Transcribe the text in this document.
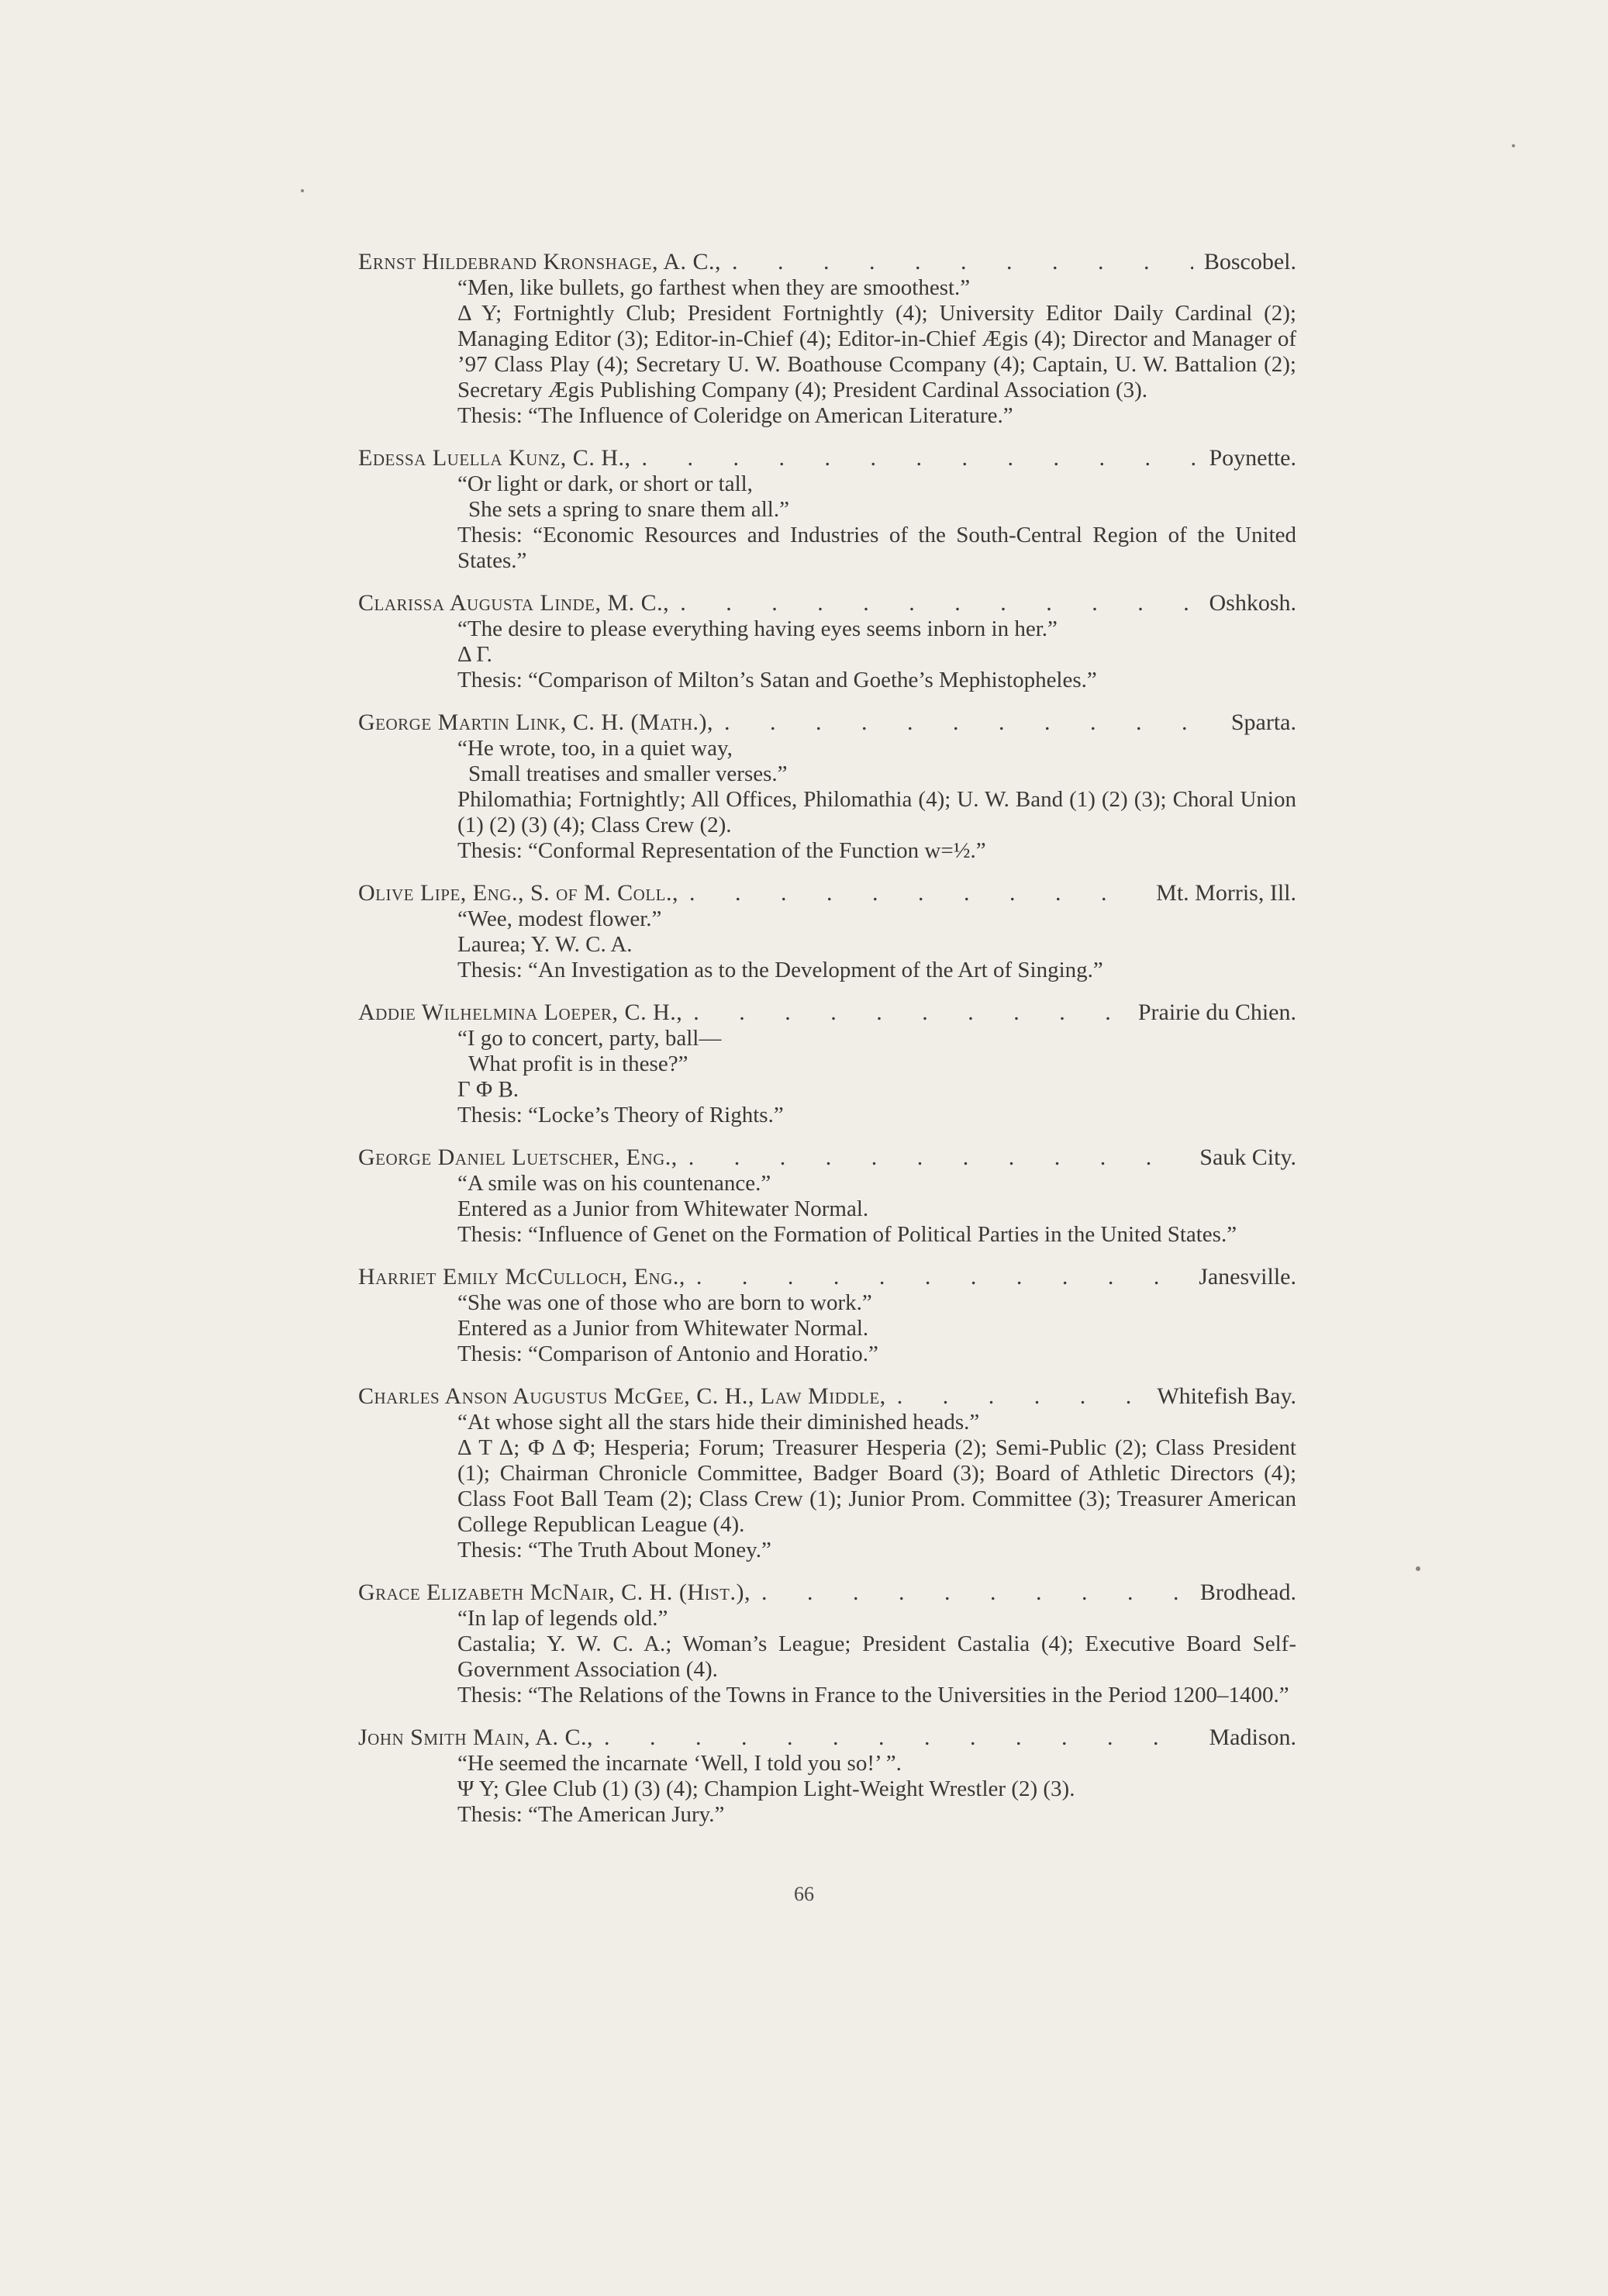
Ernst Hildebrand Kronshage, A. C., . . .	Boscobel.
“Men, like bullets, go farthest when they are smoothest.”
Δ Υ; Fortnightly Club; President Fortnightly (4); University Editor Daily Cardinal (2); Managing Editor (3); Editor-in-Chief (4); Editor-in-Chief Ægis (4); Director and Manager of ’97 Class Play (4); Secretary U. W. Boathouse Ccompany (4); Captain, U. W. Battalion (2); Secretary Ægis Publishing Company (4); President Cardinal Association (3).
Thesis: “The Influence of Coleridge on American Literature.”
Edessa Luella Kunz, C. H., . . .	Poynette.
“Or light or dark, or short or tall,
She sets a spring to snare them all.”
Thesis: “Economic Resources and Industries of the South-Central Region of the United States.”
Clarissa Augusta Linde, M. C., . . .	Oshkosh.
“The desire to please everything having eyes seems inborn in her.”
Δ Γ.
Thesis: “Comparison of Milton’s Satan and Goethe’s Mephistopheles.”
George Martin Link, C. H. (Math.), . . .	Sparta.
“He wrote, too, in a quiet way,
Small treatises and smaller verses.”
Philomathia; Fortnightly; All Offices, Philomathia (4); U. W. Band (1) (2) (3); Choral Union (1) (2) (3) (4); Class Crew (2).
Thesis: “Conformal Representation of the Function w=½.”
Olive Lipe, Eng., S. of M. Coll., . . .	Mt. Morris, Ill.
“Wee, modest flower.”
Laurea; Y. W. C. A.
Thesis: “An Investigation as to the Development of the Art of Singing.”
Addie Wilhelmina Loeper, C. H., . . .	Prairie du Chien.
“I go to concert, party, ball—
What profit is in these?”
Γ Φ Β.
Thesis: “Locke’s Theory of Rights.”
George Daniel Luetscher, Eng., . . .	Sauk City.
“A smile was on his countenance.”
Entered as a Junior from Whitewater Normal.
Thesis: “Influence of Genet on the Formation of Political Parties in the United States.”
Harriet Emily McCulloch, Eng., . . .	Janesville.
“She was one of those who are born to work.”
Entered as a Junior from Whitewater Normal.
Thesis: “Comparison of Antonio and Horatio.”
Charles Anson Augustus McGee, C. H., Law Middle, . . .	Whitefish Bay.
“At whose sight all the stars hide their diminished heads.”
Δ Τ Δ; Φ Δ Φ; Hesperia; Forum; Treasurer Hesperia (2); Semi-Public (2); Class President (1); Chairman Chronicle Committee, Badger Board (3); Board of Athletic Directors (4); Class Foot Ball Team (2); Class Crew (1); Junior Prom. Committee (3); Treasurer American College Republican League (4).
Thesis: “The Truth About Money.”
Grace Elizabeth McNair, C. H. (Hist.), . . .	Brodhead.
“In lap of legends old.”
Castalia; Y. W. C. A.; Woman’s League; President Castalia (4); Executive Board Self-Government Association (4).
Thesis: “The Relations of the Towns in France to the Universities in the Period 1200–1400.”
John Smith Main, A. C., . . .	Madison.
“He seemed the incarnate ‘Well, I told you so!’ ”.
Ψ Υ; Glee Club (1) (3) (4); Champion Light-Weight Wrestler (2) (3).
Thesis: “The American Jury.”
66
